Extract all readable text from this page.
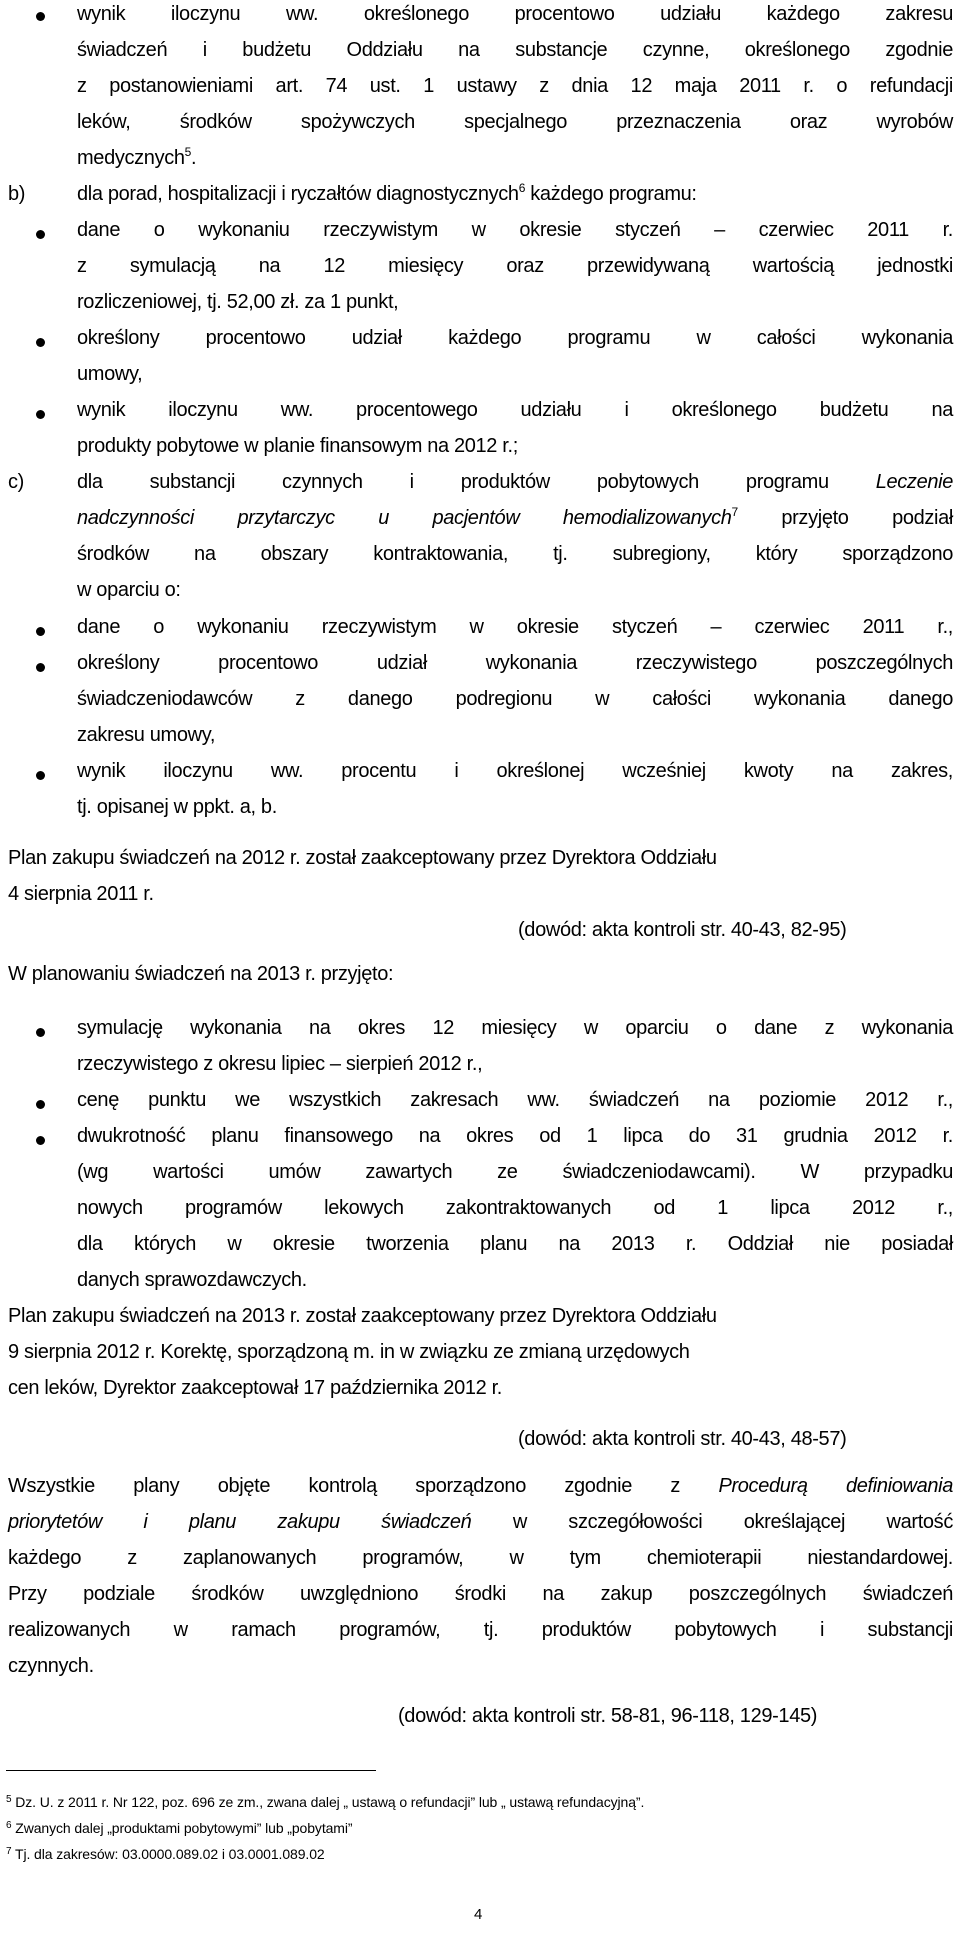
wynik iloczynu ww. określonego procentowo udziału każdego zakresu
świadczeń i budżetu Oddziału na substancje czynne, określonego zgodnie
z postanowieniami art. 74 ust. 1 ustawy z dnia 12 maja 2011 r. o refundacji
leków, środków spożywczych specjalnego przeznaczenia oraz wyrobów
medycznych$^5$.
b)	dla porad, hospitalizacji i ryczałtów diagnostycznych$^6$ każdego programu:
dane o wykonaniu rzeczywistym w okresie styczeń – czerwiec 2011 r.
z symulacją na 12 miesięcy oraz przewidywaną wartością jednostki
rozliczeniowej, tj. 52,00 zł. za 1 punkt,
określony procentowo udział każdego programu w całości wykonania
umowy,
wynik iloczynu ww. procentowego udziału i określonego budżetu na
produkty pobytowe w planie finansowym na 2012 r.;
c)	dla substancji czynnych i produktów pobytowych programu Leczenie
nadczynności przytarczyc u pacjentów hemodializowanych$^7$ przyjęto podział
środków na obszary kontraktowania, tj. subregiony, który sporządzono
w oparciu o:
dane o wykonaniu rzeczywistym w okresie styczeń – czerwiec 2011 r.,
określony procentowo udział wykonania rzeczywistego poszczególnych
świadczeniodawców z danego podregionu w całości wykonania danego
zakresu umowy,
wynik iloczynu ww. procentu i określonej wcześniej kwoty na zakres,
tj. opisanej w ppkt. a, b.
Plan zakupu świadczeń na 2012 r. został zaakceptowany przez Dyrektora Oddziału
4 sierpnia 2011 r.
(dowód: akta kontroli str. 40-43, 82-95)
W planowaniu świadczeń na 2013 r. przyjęto:
symulację wykonania na okres 12 miesięcy w oparciu o dane z wykonania
rzeczywistego z okresu lipiec – sierpień 2012 r.,
cenę punktu we wszystkich zakresach ww. świadczeń na poziomie 2012 r.,
dwukrotność planu finansowego na okres od 1 lipca do 31 grudnia 2012 r.
(wg wartości umów zawartych ze świadczeniodawcami). W przypadku
nowych programów lekowych zakontraktowanych od 1 lipca 2012 r.,
dla których w okresie tworzenia planu na 2013 r. Oddział nie posiadał
danych sprawozdawczych.
Plan zakupu świadczeń na 2013 r. został zaakceptowany przez Dyrektora Oddziału
9 sierpnia 2012 r. Korektę, sporządzoną m. in w związku ze zmianą urzędowych
cen leków, Dyrektor zaakceptował 17 października 2012 r.
(dowód: akta kontroli str. 40-43, 48-57)
Wszystkie plany objęte kontrolą sporządzono zgodnie z Procedurą definiowania
priorytetów i planu zakupu świadczeń w szczegółowości określającej wartość
każdego z zaplanowanych programów, w tym chemioterapii niestandardowej.
Przy podziale środków uwzględniono środki na zakup poszczególnych świadczeń
realizowanych w ramach programów, tj. produktów pobytowych i substancji
czynnych.
(dowód: akta kontroli str. 58-81, 96-118, 129-145)
$^5$ Dz. U. z 2011 r. Nr 122, poz. 696 ze zm., zwana dalej „ ustawą o refundacji” lub „ ustawą refundacyjną”.
$^6$ Zwanych dalej „produktami pobytowymi” lub „pobytami”
$^7$ Tj. dla zakresów: 03.0000.089.02 i 03.0001.089.02
4
